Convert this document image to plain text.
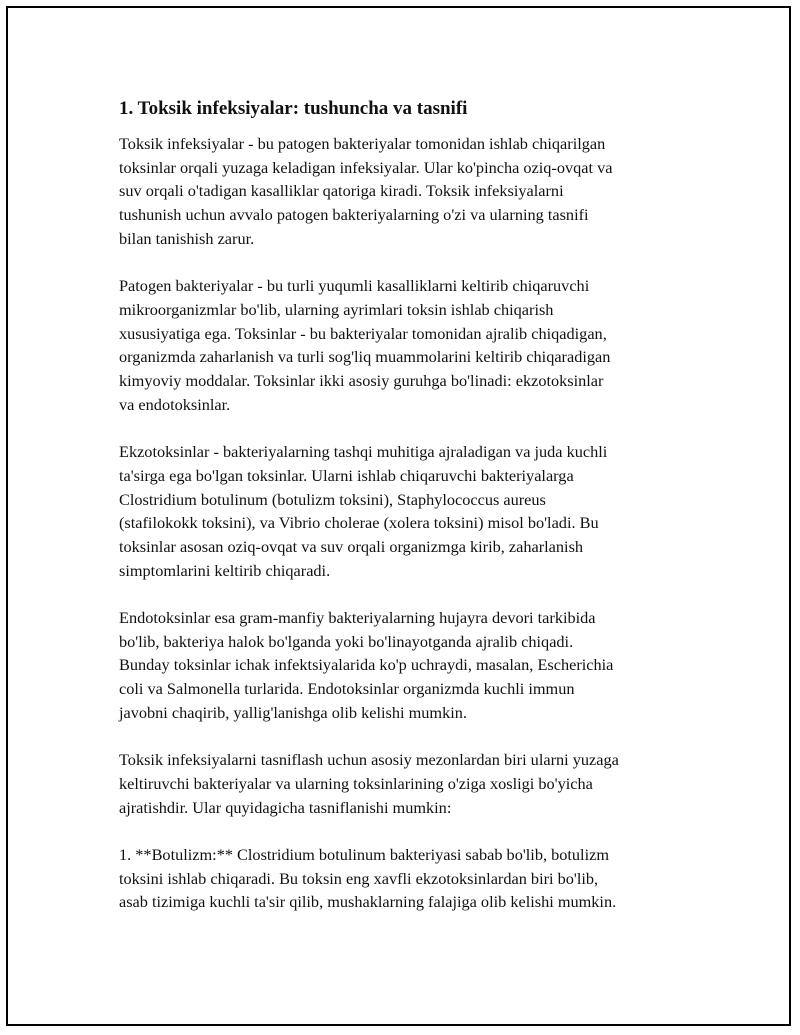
1. Toksik infeksiyalar: tushuncha va tasnifi
Toksik infeksiyalar - bu patogen bakteriyalar tomonidan ishlab chiqarilgan
toksinlar orqali yuzaga keladigan infeksiyalar. Ular ko'pincha oziq-ovqat va
suv orqali o'tadigan kasalliklar qatoriga kiradi. Toksik infeksiyalarni
tushunish uchun avvalo patogen bakteriyalarning o'zi va ularning tasnifi
bilan tanishish zarur.
Patogen bakteriyalar - bu turli yuqumli kasalliklarni keltirib chiqaruvchi
mikroorganizmlar bo'lib, ularning ayrimlari toksin ishlab chiqarish
xususiyatiga ega. Toksinlar - bu bakteriyalar tomonidan ajralib chiqadigan,
organizmda zaharlanish va turli sog'liq muammolarini keltirib chiqaradigan
kimyoviy moddalar. Toksinlar ikki asosiy guruhga bo'linadi: ekzotoksinlar
va endotoksinlar.
Ekzotoksinlar - bakteriyalarning tashqi muhitiga ajraladigan va juda kuchli
ta'sirga ega bo'lgan toksinlar. Ularni ishlab chiqaruvchi bakteriyalarga
Clostridium botulinum (botulizm toksini), Staphylococcus aureus
(stafilokokk toksini), va Vibrio cholerae (xolera toksini) misol bo'ladi. Bu
toksinlar asosan oziq-ovqat va suv orqali organizmga kirib, zaharlanish
simptomlarini keltirib chiqaradi.
Endotoksinlar esa gram-manfiy bakteriyalarning hujayra devori tarkibida
bo'lib, bakteriya halok bo'lganda yoki bo'linayotganda ajralib chiqadi.
Bunday toksinlar ichak infektsiyalarida ko'p uchraydi, masalan, Escherichia
coli va Salmonella turlarida. Endotoksinlar organizmda kuchli immun
javobni chaqirib, yallig'lanishga olib kelishi mumkin.
Toksik infeksiyalarni tasniflash uchun asosiy mezonlardan biri ularni yuzaga
keltiruvchi bakteriyalar va ularning toksinlarining o'ziga xosligi bo'yicha
ajratishdir. Ular quyidagicha tasniflanishi mumkin:
1. **Botulizm:** Clostridium botulinum bakteriyasi sabab bo'lib, botulizm
toksini ishlab chiqaradi. Bu toksin eng xavfli ekzotoksinlardan biri bo'lib,
asab tizimiga kuchli ta'sir qilib, mushaklarning falajiga olib kelishi mumkin.
